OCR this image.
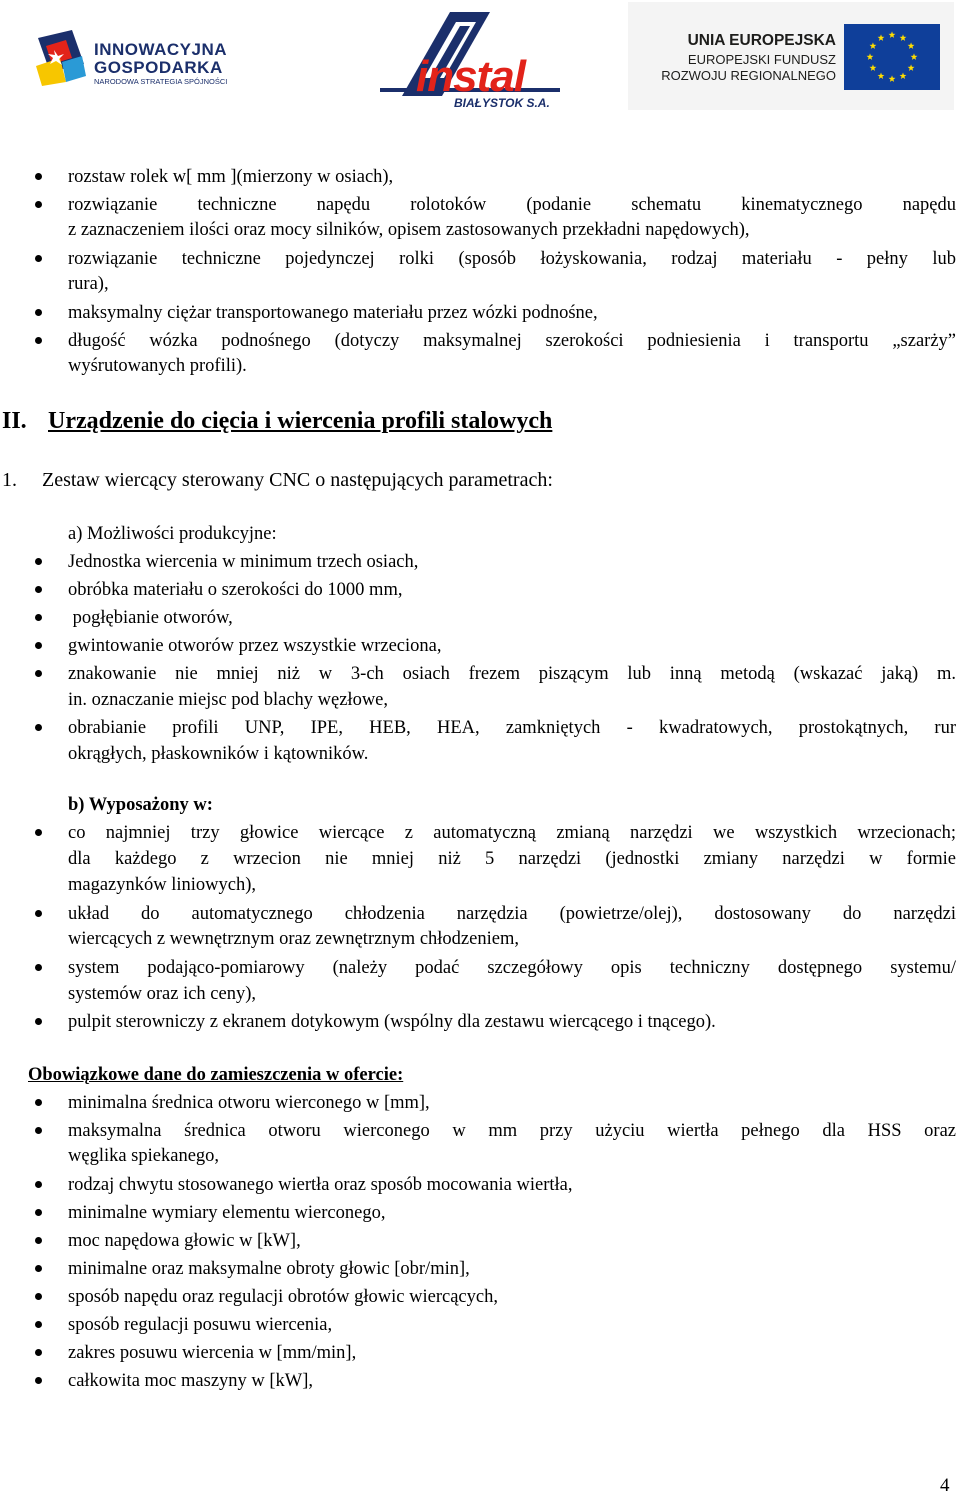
INNOWACYJNA
GOSPODARKA
NARODOWA STRATEGIA SPÓJNOŚCI	instal
BIAŁYSTOK S.A.
UNIA EUROPEJSKA
EUROPEJSKI FUNDUSZ
ROZWOJU REGIONALNEGO
rozstaw rolek w[ mm ](mierzony w osiach),
rozwiązanie techniczne napędu rolotoków (podanie schematu kinematycznego napędu
z zaznaczeniem ilości oraz mocy silników, opisem zastosowanych przekładni napędowych),
rozwiązanie techniczne pojedynczej rolki (sposób łożyskowania, rodzaj materiału - pełny lub
rura),
maksymalny ciężar transportowanego materiału przez wózki podnośne,
długość wózka podnośnego (dotyczy maksymalnej szerokości podniesienia i transportu „szarży”
wyśrutowanych profili).
II. Urządzenie do cięcia i wiercenia profili stalowych
1. Zestaw wiercący sterowany CNC o następujących parametrach:
a) Możliwości produkcyjne:
Jednostka wiercenia w minimum trzech osiach,
obróbka materiału o szerokości do 1000 mm,
pogłębianie otworów,
gwintowanie otworów przez wszystkie wrzeciona,
znakowanie nie mniej niż w 3-ch osiach frezem piszącym lub inną metodą (wskazać jaką) m.
in. oznaczanie miejsc pod blachy węzłowe,
obrabianie profili UNP, IPE, HEB, HEA, zamkniętych - kwadratowych, prostokątnych, rur
okrągłych, płaskowników i kątowników.
b) Wyposażony w:
co najmniej trzy głowice wiercące z automatyczną zmianą narzędzi we wszystkich wrzecionach;
dla każdego z wrzecion nie mniej niż 5 narzędzi (jednostki zmiany narzędzi w formie
magazynków liniowych),
układ do automatycznego chłodzenia narzędzia (powietrze/olej), dostosowany do narzędzi
wiercących z wewnętrznym oraz zewnętrznym chłodzeniem,
system podająco-pomiarowy (należy podać szczegółowy opis techniczny dostępnego systemu/
systemów oraz ich ceny),
pulpit sterowniczy z ekranem dotykowym (wspólny dla zestawu wiercącego i tnącego).
Obowiązkowe dane do zamieszczenia w ofercie:
minimalna średnica otworu wierconego w [mm],
maksymalna średnica otworu wierconego w mm przy użyciu wiertła pełnego dla HSS oraz
węglika spiekanego,
rodzaj chwytu stosowanego wiertła oraz sposób mocowania wiertła,
minimalne wymiary elementu wierconego,
moc napędowa głowic w [kW],
minimalne oraz maksymalne obroty głowic [obr/min],
sposób napędu oraz regulacji obrotów głowic wiercących,
sposób regulacji posuwu wiercenia,
zakres posuwu wiercenia w [mm/min],
całkowita moc maszyny w [kW],
4
